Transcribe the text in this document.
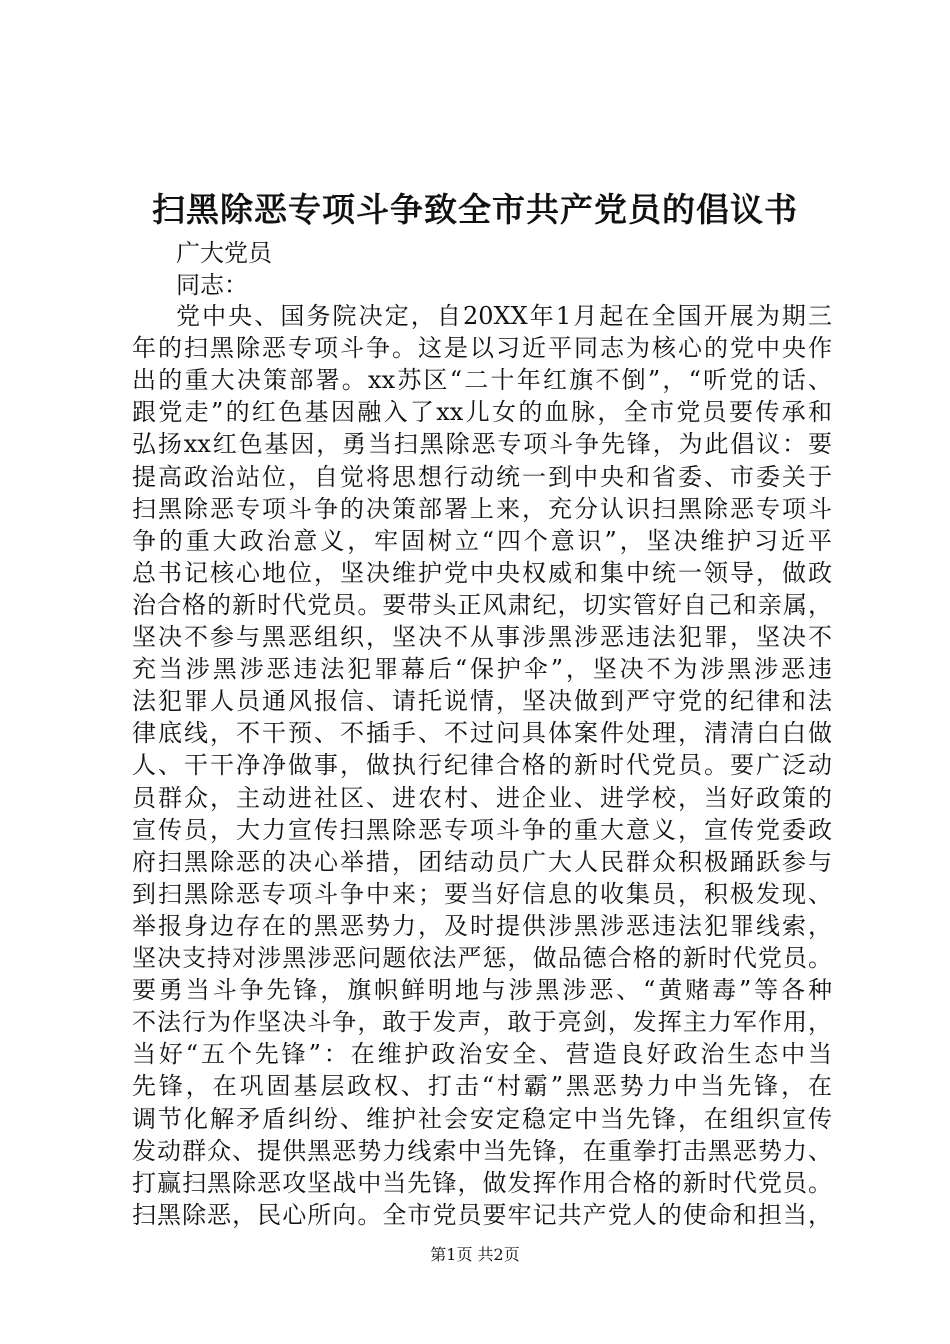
扫黑除恶专项斗争致全市共产党员的倡议书

广大党员

同志：

党中央、国务院决定，自20XX年1月起在全国开展为期三

年的扫黑除恶专项斗争。这是以习近平同志为核心的党中央作

出的重大决策部署。xx苏区“二十年红旗不倒”，“听党的话、

跟党走”的红色基因融入了xx儿女的血脉，全市党员要传承和

弘扬xx红色基因，勇当扫黑除恶专项斗争先锋，为此倡议：要

提高政治站位，自觉将思想行动统一到中央和省委、市委关于

扫黑除恶专项斗争的决策部署上来，充分认识扫黑除恶专项斗

争的重大政治意义，牢固树立“四个意识”，坚决维护习近平

总书记核心地位，坚决维护党中央权威和集中统一领导，做政

治合格的新时代党员。要带头正风肃纪，切实管好自己和亲属，

坚决不参与黑恶组织，坚决不从事涉黑涉恶违法犯罪，坚决不

充当涉黑涉恶违法犯罪幕后“保护伞”，坚决不为涉黑涉恶违

法犯罪人员通风报信、请托说情，坚决做到严守党的纪律和法

律底线，不干预、不插手、不过问具体案件处理，清清白白做

人、干干净净做事，做执行纪律合格的新时代党员。要广泛动

员群众，主动进社区、进农村、进企业、进学校，当好政策的

宣传员，大力宣传扫黑除恶专项斗争的重大意义，宣传党委政

府扫黑除恶的决心举措，团结动员广大人民群众积极踊跃参与

到扫黑除恶专项斗争中来；要当好信息的收集员，积极发现、

举报身边存在的黑恶势力，及时提供涉黑涉恶违法犯罪线索，

坚决支持对涉黑涉恶问题依法严惩，做品德合格的新时代党员。

要勇当斗争先锋，旗帜鲜明地与涉黑涉恶、“黄赌毒”等各种

不法行为作坚决斗争，敢于发声，敢于亮剑，发挥主力军作用，

当好“五个先锋”：在维护政治安全、营造良好政治生态中当

先锋，在巩固基层政权、打击“村霸”黑恶势力中当先锋，在

调节化解矛盾纠纷、维护社会安定稳定中当先锋，在组织宣传

发动群众、提供黑恶势力线索中当先锋，在重拳打击黑恶势力、

打赢扫黑除恶攻坚战中当先锋，做发挥作用合格的新时代党员。

扫黑除恶，民心所向。全市党员要牢记共产党人的使命和担当，

第1页 共2页
